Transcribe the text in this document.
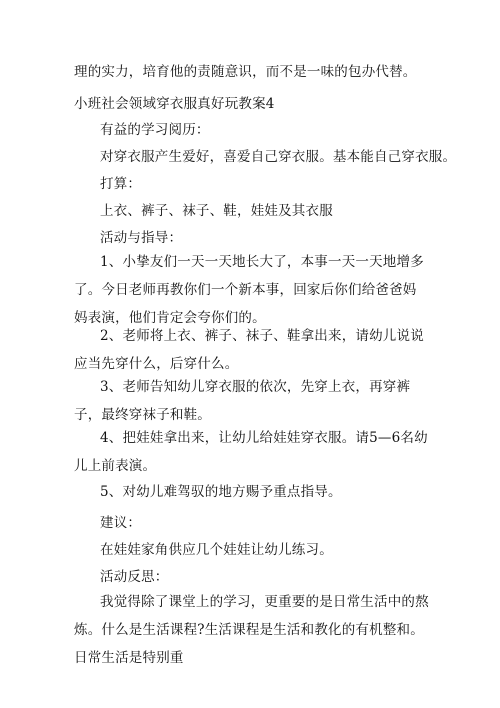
理的实力，培育他的责随意识，而不是一味的包办代替。

小班社会领域穿衣服真好玩教案4

有益的学习阅历：

对穿衣服产生爱好，喜爱自己穿衣服。基本能自己穿衣服。

打算：

上衣、裤子、袜子、鞋，娃娃及其衣服

活动与指导：

1、小挚友们一天一天地长大了，本事一天一天地增多了。今日老师再教你们一个新本事，回家后你们给爸爸妈妈表演，他们肯定会夸你们的。

2、老师将上衣、裤子、袜子、鞋拿出来，请幼儿说说应当先穿什么，后穿什么。

3、老师告知幼儿穿衣服的依次，先穿上衣，再穿裤子，最终穿袜子和鞋。

4、把娃娃拿出来，让幼儿给娃娃穿衣服。请5—6名幼儿上前表演。

5、对幼儿难驾驭的地方赐予重点指导。

建议：

在娃娃家角供应几个娃娃让幼儿练习。

活动反思：

我觉得除了课堂上的学习，更重要的是日常生活中的熬炼。什么是生活课程?生活课程是生活和教化的有机整和。日常生活是特别重
